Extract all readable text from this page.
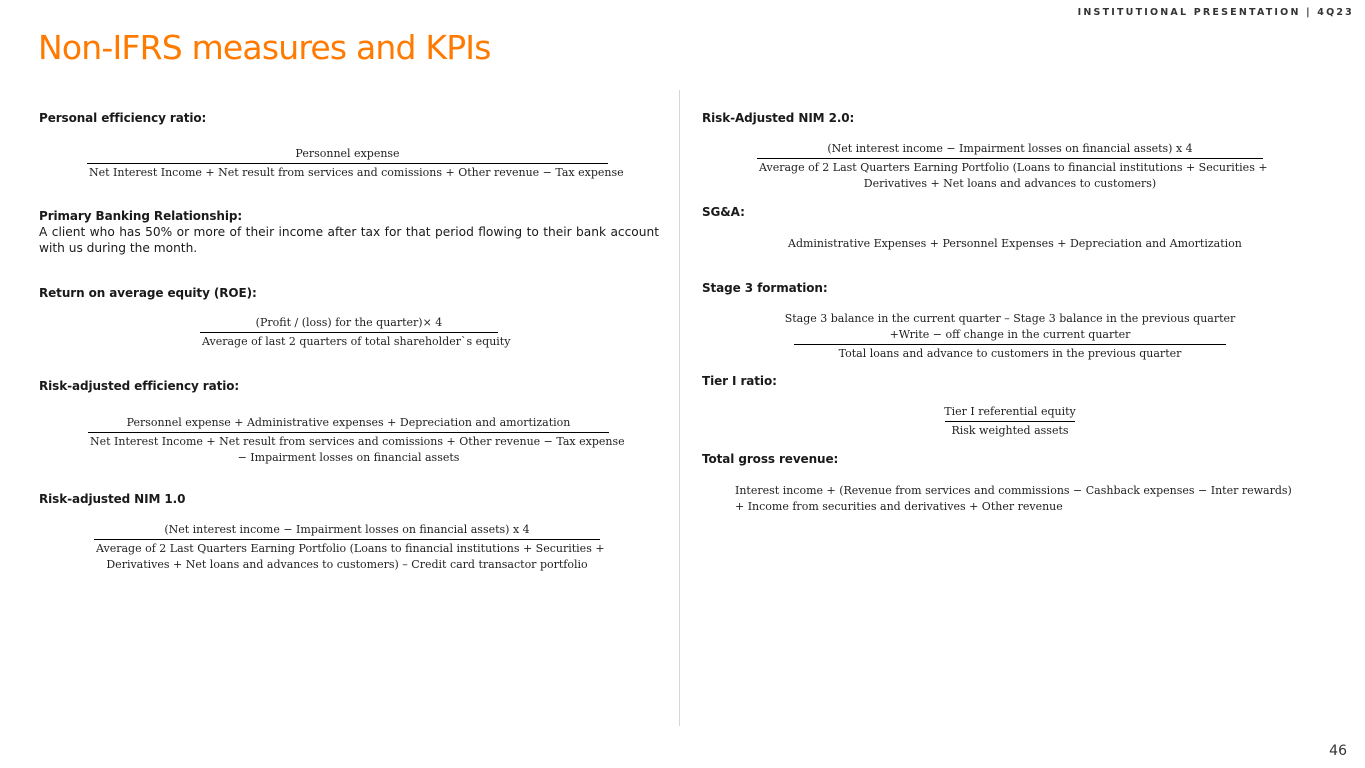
INSTITUTIONAL PRESENTATION | 4Q23
Non-IFRS measures and KPIs
Personal efficiency ratio:
Personnel expense
Net Interest Income + Net result from services and comissions + Other revenue − Tax expense
Primary Banking Relationship:
A client who has 50% or more of their income after tax for that period flowing to their bank account with us during the month.
Return on average equity (ROE):
(Profit / (loss) for the quarter)× 4
Average of last 2 quarters of total shareholder`s equity
Risk-adjusted efficiency ratio:
Personnel expense + Administrative expenses + Depreciation and amortization
Net Interest Income + Net result from services and comissions + Other revenue − Tax expense
− Impairment losses on financial assets
Risk-adjusted NIM 1.0
(Net interest income − Impairment losses on financial assets) x 4
Average of 2 Last Quarters Earning Portfolio (Loans to financial institutions + Securities +
Derivatives + Net loans and advances to customers) – Credit card transactor portfolio
Risk-Adjusted NIM 2.0:
(Net interest income − Impairment losses on financial assets) x 4
Average of 2 Last Quarters Earning Portfolio (Loans to financial institutions + Securities +
Derivatives + Net loans and advances to customers)
SG&A:
Administrative Expenses + Personnel Expenses + Depreciation and Amortization
Stage 3 formation:
Stage 3 balance in the current quarter – Stage 3 balance in the previous quarter
+Write − off change in the current quarter
Total loans and advance to customers in the previous quarter
Tier I ratio:
Tier I referential equity
Risk weighted assets
Total gross revenue:
Interest income + (Revenue from services and commissions − Cashback expenses − Inter rewards)
+ Income from securities and derivatives + Other revenue
46
